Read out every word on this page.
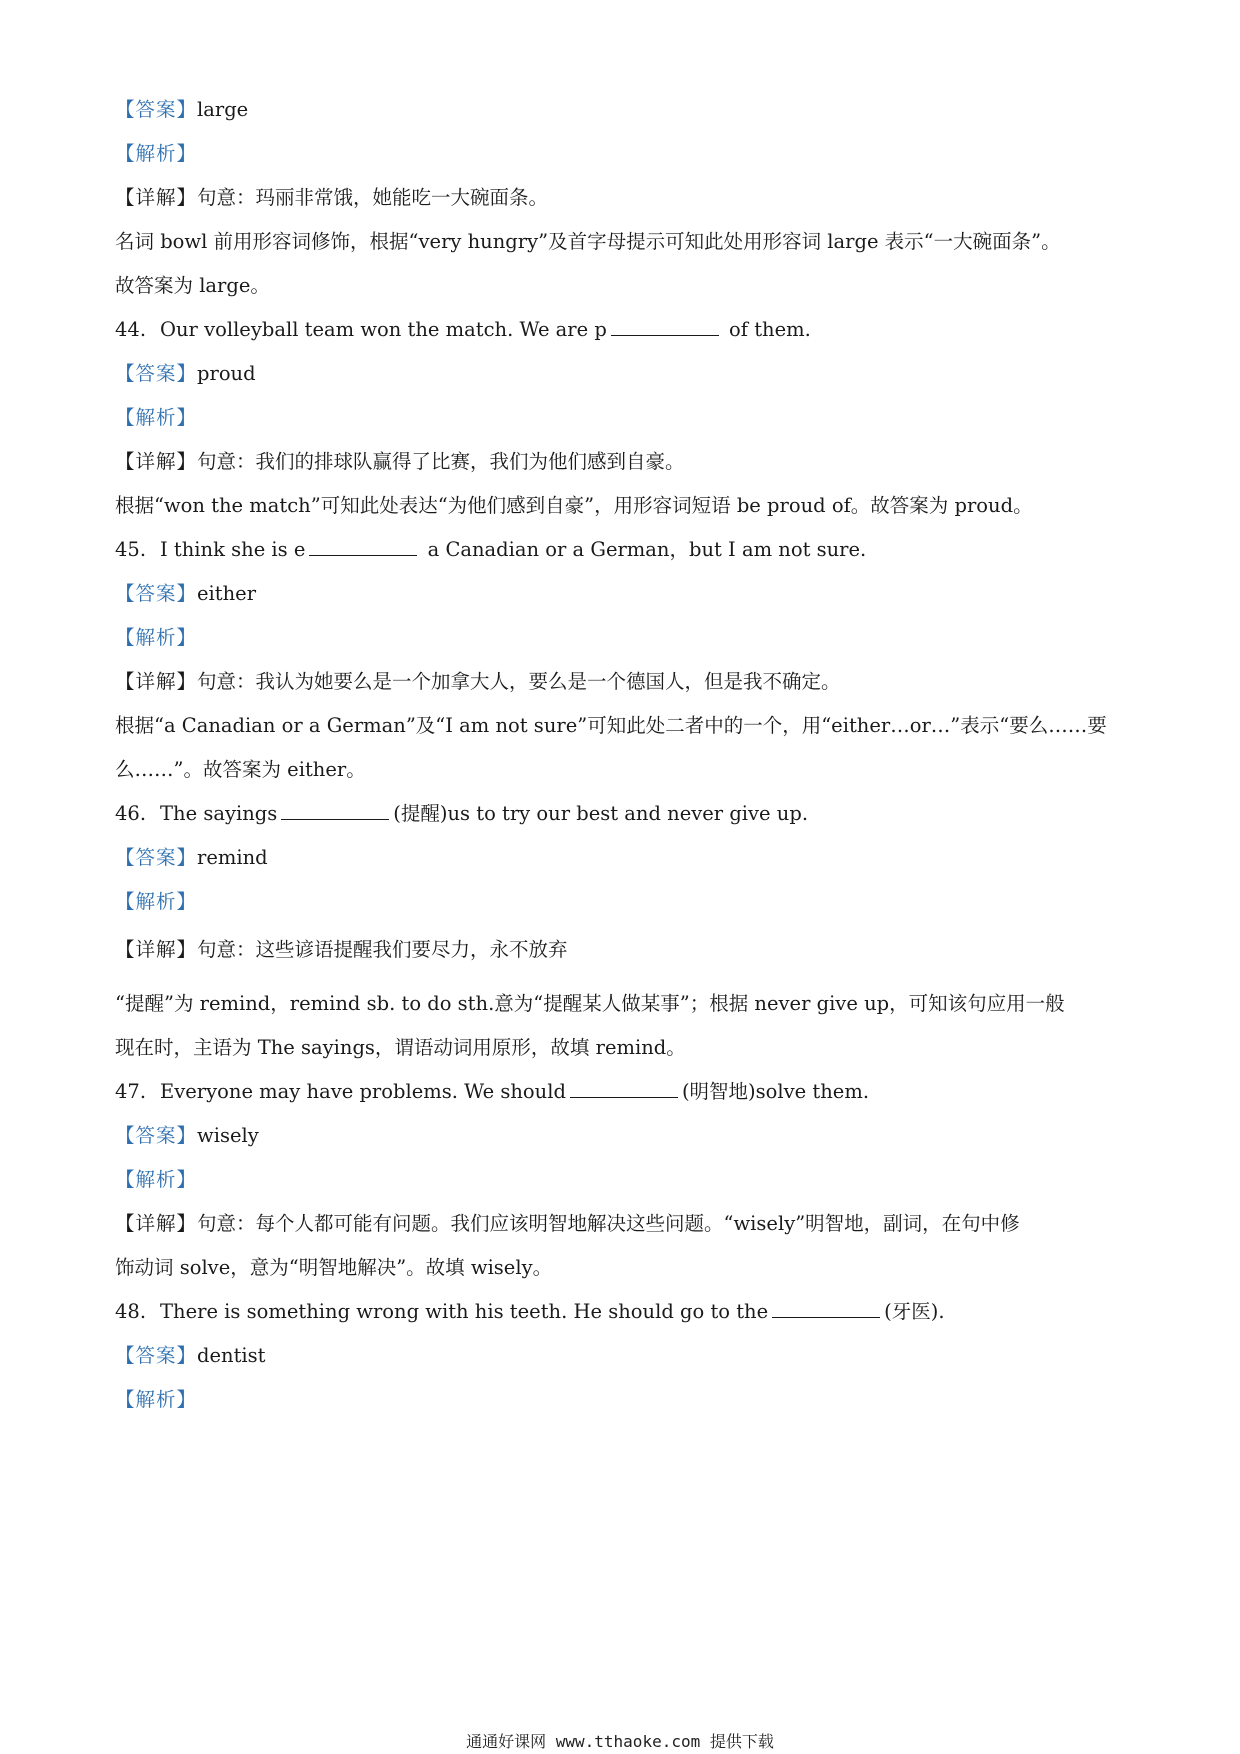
【答案】large
【解析】
【详解】句意：玛丽非常饿，她能吃一大碗面条。
名词 bowl 前用形容词修饰，根据“very hungry”及首字母提示可知此处用形容词 large 表示“一大碗面条”。
故答案为 large。
44. Our volleyball team won the match. We are p	of them.
【答案】proud
【解析】
【详解】句意：我们的排球队赢得了比赛，我们为他们感到自豪。
根据“won the match”可知此处表达“为他们感到自豪”，用形容词短语 be proud of。故答案为 proud。
45. I think she is e	a Canadian or a German，but I am not sure.
【答案】either
【解析】
【详解】句意：我认为她要么是一个加拿大人，要么是一个德国人，但是我不确定。
根据“a Canadian or a German”及“I am not sure”可知此处二者中的一个，用“either…or…”表示“要么……要
么……”。故答案为 either。
46. The sayings	(提醒)us to try our best and never give up.
【答案】remind
【解析】
【详解】句意：这些谚语提醒我们要尽力，永不放弃
“提醒”为 remind，remind sb. to do sth.意为“提醒某人做某事”；根据 never give up，可知该句应用一般
现在时，主语为 The sayings，谓语动词用原形，故填 remind。
47. Everyone may have problems. We should	(明智地)solve them.
【答案】wisely
【解析】
【详解】句意：每个人都可能有问题。我们应该明智地解决这些问题。“wisely”明智地，副词，在句中修
饰动词 solve，意为“明智地解决”。故填 wisely。
48. There is something wrong with his teeth. He should go to the	(牙医).
【答案】dentist
【解析】
通通好课网 www.tthaoke.com 提供下载
